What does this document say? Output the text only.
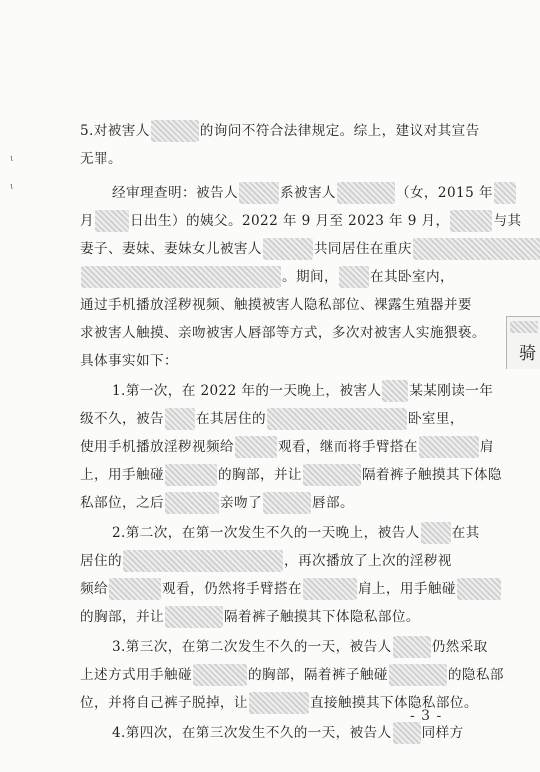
ι
ι
5.对被害人	的询问不符合法律规定。综上，建议对其宣告
无罪。
经审理查明：被告人	系被害人	（女，2015 年
月	日出生）的姨父。2022 年 9 月至 2023 年 9 月，	与其
妻子、妻妹、妻妹女儿被害人	共同居住在重庆
。期间， 在其卧室内，
通过手机播放淫秽视频、触摸被害人隐私部位、裸露生殖器并要
求被害人触摸、亲吻被害人唇部等方式，多次对被害人实施猥亵。
具体事实如下：
1.第一次，在 2022 年的一天晚上，被害人 某某刚读一年
级不久，被告 在其居住的	卧室里，
使用手机播放淫秽视频给	观看，继而将手臂搭在	肩
上，用手触碰	的胸部，并让	隔着裤子触摸其下体隐
私部位，之后	亲吻了	唇部。
2.第二次，在第一次发生不久的一天晚上，被告人 在其
居住的	，再次播放了上次的淫秽视
频给	观看，仍然将手臂搭在	肩上，用手触碰
的胸部，并让	隔着裤子触摸其下体隐私部位。
3.第三次，在第二次发生不久的一天，被告人	仍然采取
上述方式用手触碰	的胸部，隔着裤子触碰	的隐私部
位，并将自己裤子脱掉，让	直接触摸其下体隐私部位。
4.第四次，在第三次发生不久的一天，被告人 同样方
骑
- 3 -
